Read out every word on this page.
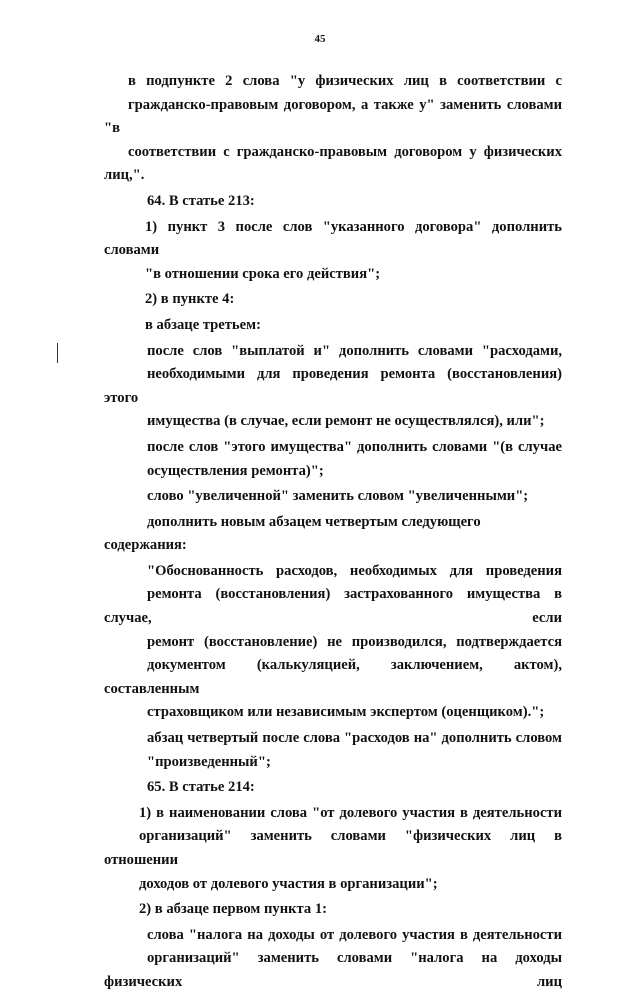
45
в подпункте 2 слова "у физических лиц в соответствии с
гражданско-правовым договором, а также у" заменить словами "в
соответствии с гражданско-правовым договором у физических лиц,".
64. В статье 213:
1) пункт 3 после слов "указанного договора" дополнить словами
"в отношении срока его действия";
2) в пункте 4:
в абзаце третьем:
после слов "выплатой и" дополнить словами "расходами,
необходимыми для проведения ремонта (восстановления) этого
имущества (в случае, если ремонт не осуществлялся), или";
после слов "этого имущества" дополнить словами "(в случае
осуществления ремонта)";
слово "увеличенной" заменить словом "увеличенными";
дополнить новым абзацем четвертым следующего содержания:
"Обоснованность расходов, необходимых для проведения
ремонта (восстановления) застрахованного имущества в случае, если
ремонт (восстановление) не производился, подтверждается
документом (калькуляцией, заключением, актом), составленным
страховщиком или независимым экспертом (оценщиком).";
абзац четвертый после слова "расходов на" дополнить словом
"произведенный";
65. В статье 214:
1) в наименовании слова "от долевого участия в деятельности
организаций" заменить словами "физических лиц в отношении
доходов от долевого участия в организации";
2) в абзаце первом пункта 1:
слова "налога на доходы от долевого участия в деятельности
организаций" заменить словами "налога на доходы физических лиц
